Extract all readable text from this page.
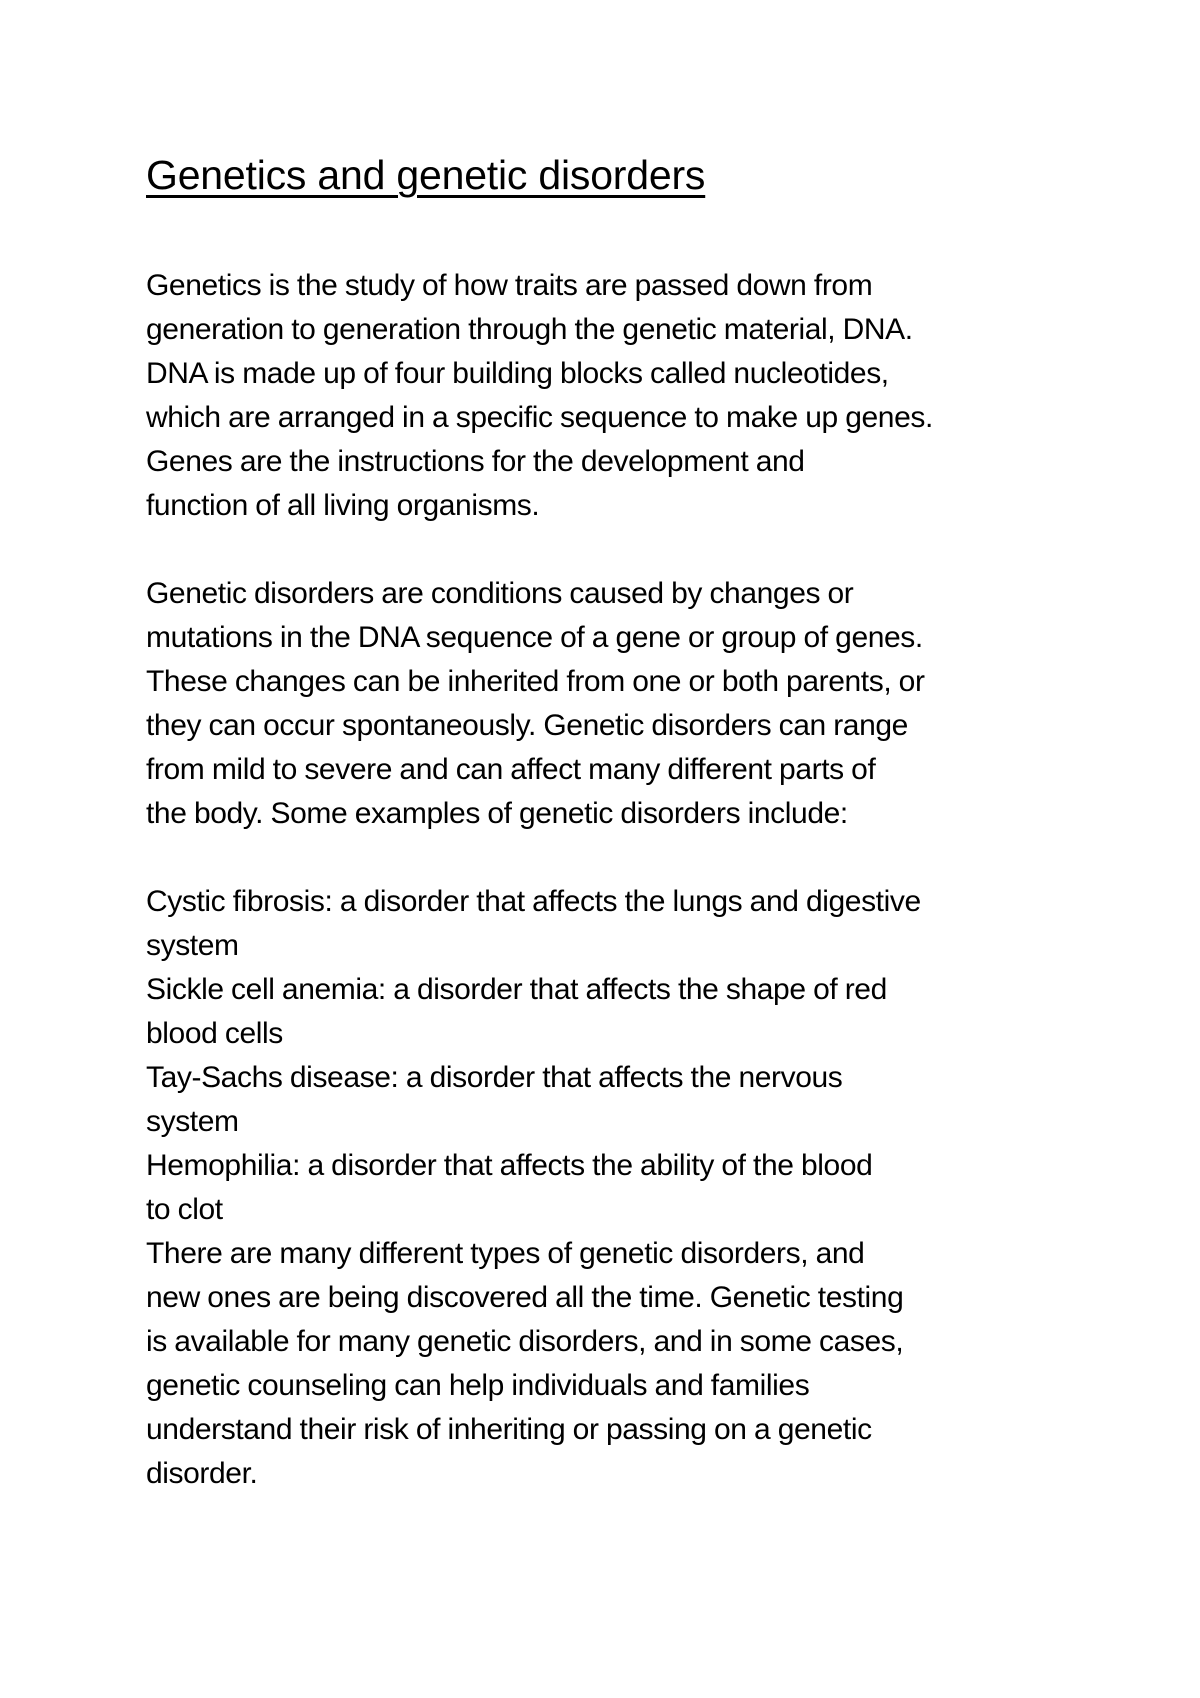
Genetics and genetic disorders

Genetics is the study of how traits are passed down from
generation to generation through the genetic material, DNA.
DNA is made up of four building blocks called nucleotides,
which are arranged in a specific sequence to make up genes.
Genes are the instructions for the development and
function of all living organisms.

Genetic disorders are conditions caused by changes or
mutations in the DNA sequence of a gene or group of genes.
These changes can be inherited from one or both parents, or
they can occur spontaneously. Genetic disorders can range
from mild to severe and can affect many different parts of
the body. Some examples of genetic disorders include:

Cystic fibrosis: a disorder that affects the lungs and digestive
system
Sickle cell anemia: a disorder that affects the shape of red
blood cells
Tay-Sachs disease: a disorder that affects the nervous
system
Hemophilia: a disorder that affects the ability of the blood
to clot
There are many different types of genetic disorders, and
new ones are being discovered all the time. Genetic testing
is available for many genetic disorders, and in some cases,
genetic counseling can help individuals and families
understand their risk of inheriting or passing on a genetic
disorder.
